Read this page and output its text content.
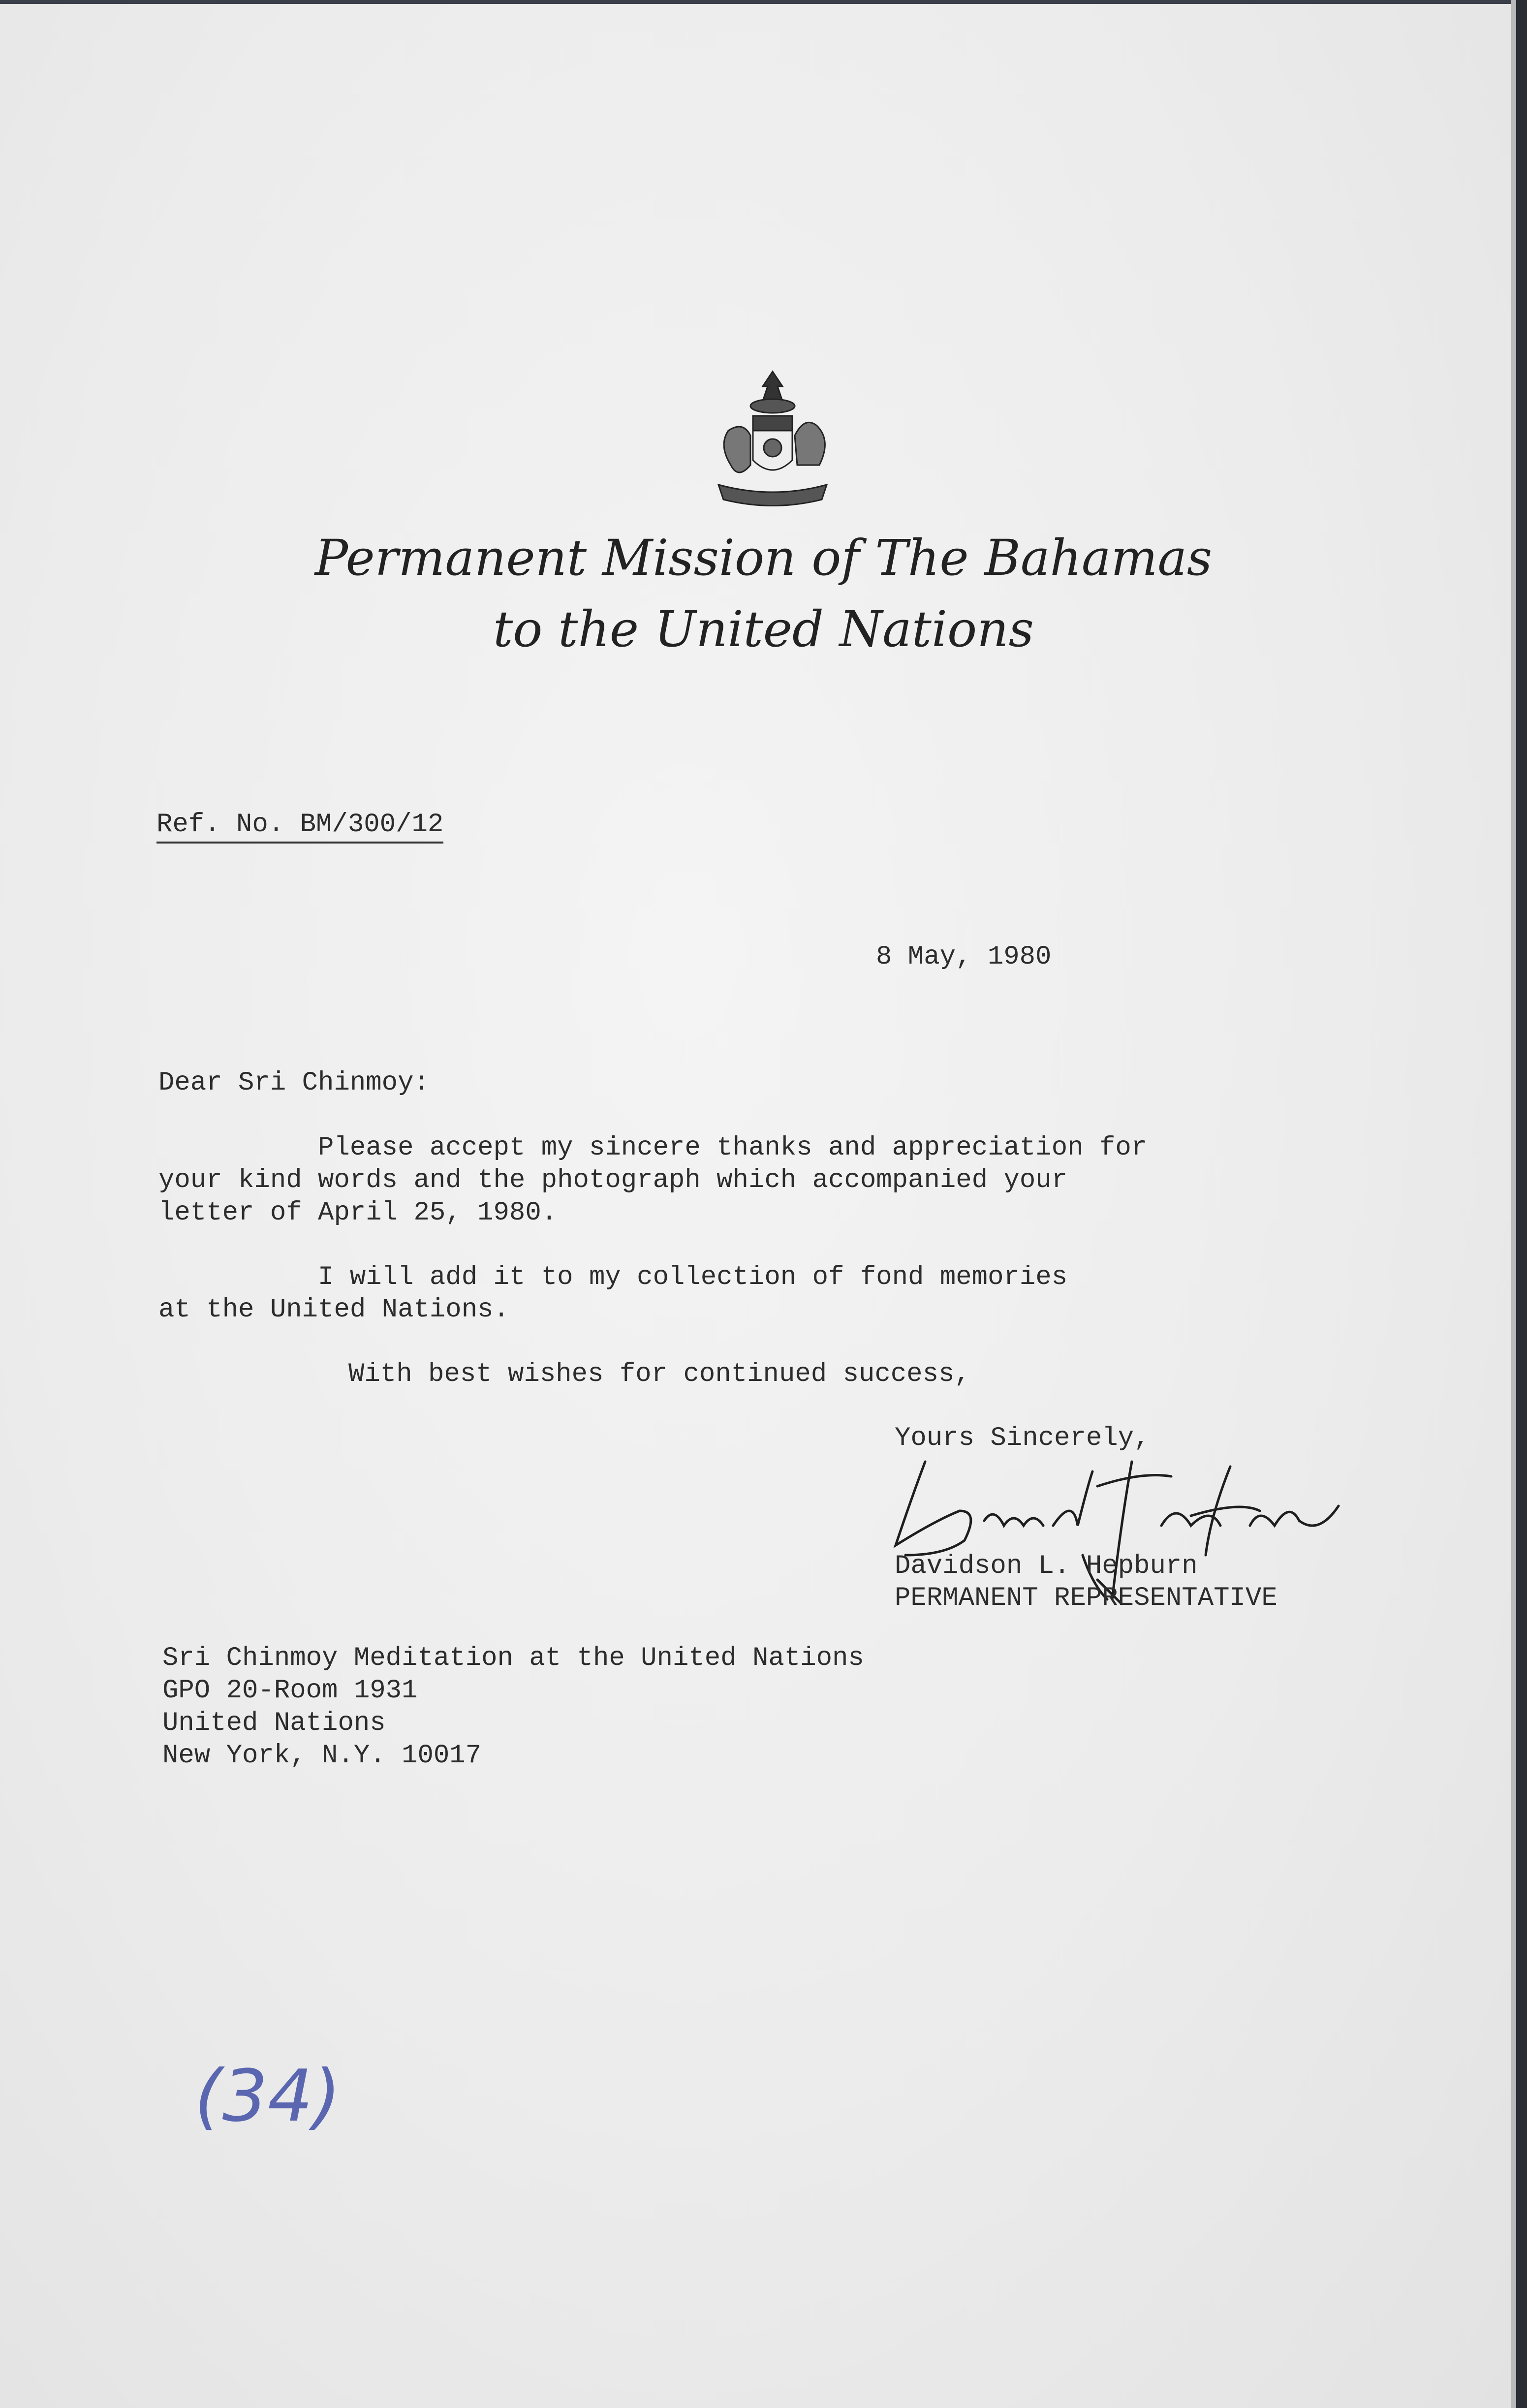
Permanent Mission of The Bahamas
to the United Nations
Ref. No. BM/300/12
8 May, 1980
Dear Sri Chinmoy:
Please accept my sincere thanks and appreciation for
your kind words and the photograph which accompanied your
letter of April 25, 1980.
I will add it to my collection of fond memories
at the United Nations.
With best wishes for continued success,
Yours Sincerely,
Davidson L. Hepburn
PERMANENT REPRESENTATIVE
Sri Chinmoy Meditation at the United Nations
GPO 20-Room 1931
United Nations
New York, N.Y. 10017
(34)
